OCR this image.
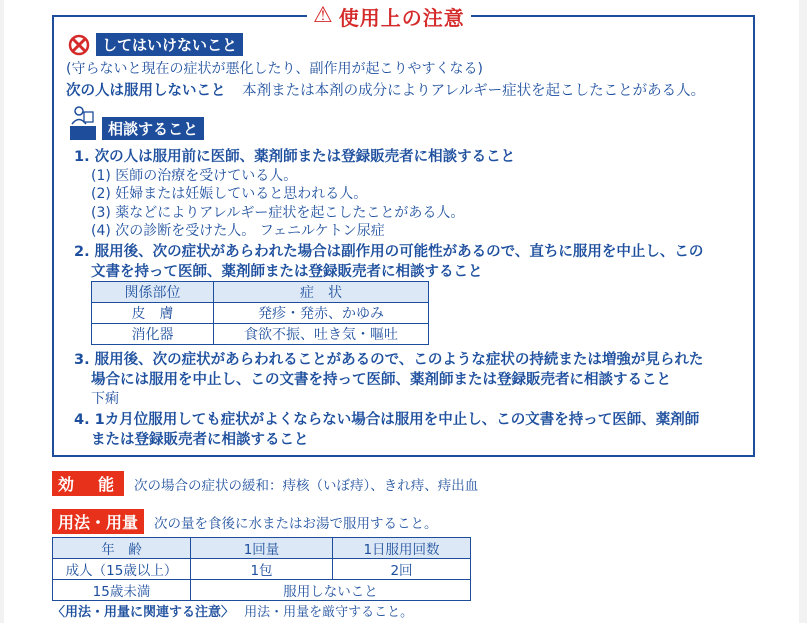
⚠ 使用上の注意
してはいけないこと
(守らないと現在の症状が悪化したり、副作用が起こりやすくなる)
次の人は服用しないこと 本剤または本剤の成分によりアレルギー症状を起こしたことがある人。
相談すること
1. 次の人は服用前に医師、薬剤師または登録販売者に相談すること
(1) 医師の治療を受けている人。
(2) 妊婦または妊娠していると思われる人。
(3) 薬などによりアレルギー症状を起こしたことがある人。
(4) 次の診断を受けた人。 フェニルケトン尿症
2. 服用後、次の症状があらわれた場合は副作用の可能性があるので、直ちに服用を中止し、この
文書を持って医師、薬剤師または登録販売者に相談すること
関係部位	症　状
皮　膚	発疹・発赤、かゆみ
消化器	食欲不振、吐き気・嘔吐
3. 服用後、次の症状があらわれることがあるので、このような症状の持続または増強が見られた
場合には服用を中止し、この文書を持って医師、薬剤師または登録販売者に相談すること
下痢
4. 1カ月位服用しても症状がよくならない場合は服用を中止し、この文書を持って医師、薬剤師
または登録販売者に相談すること
効　能	次の場合の症状の緩和：痔核（いぼ痔）、きれ痔、痔出血
用法・用量	次の量を食後に水またはお湯で服用すること。
年　齢	1回量	1日服用回数
成人（15歳以上）	1包	2回
15歳未満	服用しないこと	
〈用法・用量に関連する注意〉 用法・用量を厳守すること。
